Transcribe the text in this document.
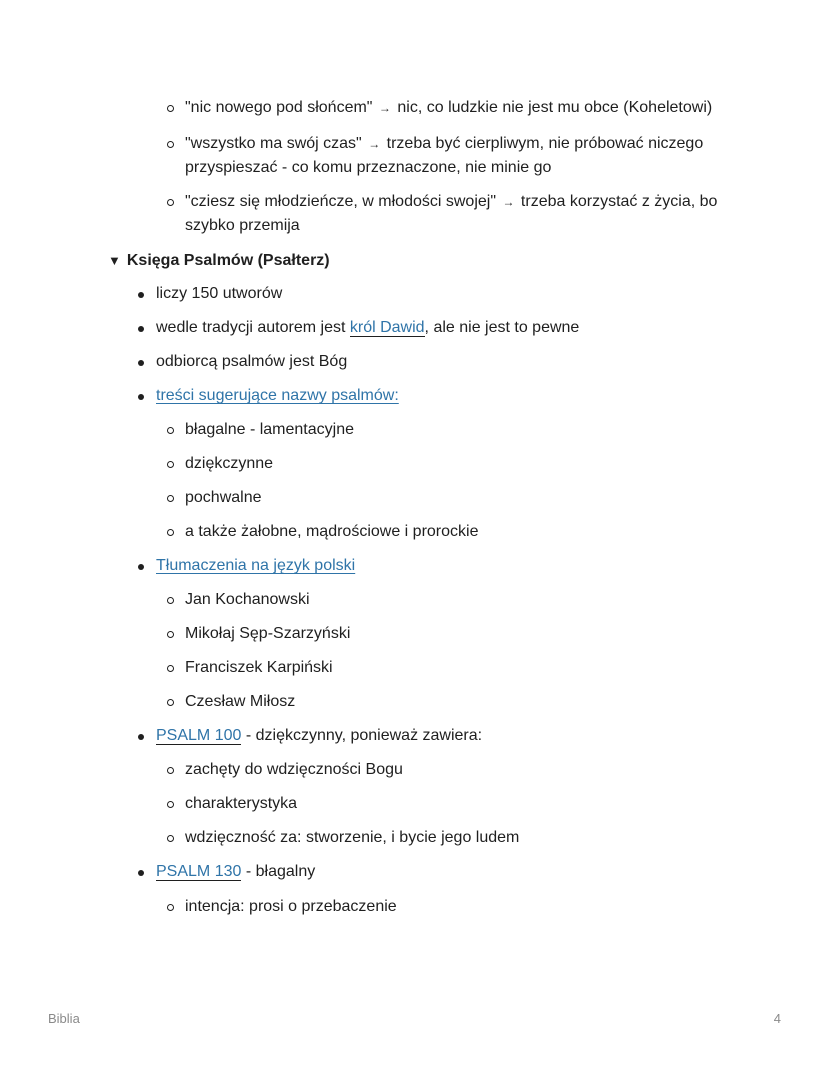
"nic nowego pod słońcem" → nic, co ludzkie nie jest mu obce (Koheletowi)
"wszystko ma swój czas" → trzeba być cierpliwym, nie próbować niczego
przyspieszać - co komu przeznaczone, nie minie go
"cziesz się młodzieńcze, w młodości swojej" → trzeba korzystać z życia, bo
szybko przemija
▼ Księga Psalmów (Psałterz)
liczy 150 utworów
wedle tradycji autorem jest król Dawid, ale nie jest to pewne
odbiorcą psalmów jest Bóg
treści sugerujące nazwy psalmów:
błagalne - lamentacyjne
dziękczynne
pochwalne
a także żałobne, mądrościowe i prorockie
Tłumaczenia na język polski
Jan Kochanowski
Mikołaj Sęp-Szarzyński
Franciszek Karpiński
Czesław Miłosz
PSALM 100 - dziękczynny, ponieważ zawiera:
zachęty do wdzięczności Bogu
charakterystyka
wdzięczność za: stworzenie, i bycie jego ludem
PSALM 130 - błagalny
intencja: prosi o przebaczenie
Biblia	4
